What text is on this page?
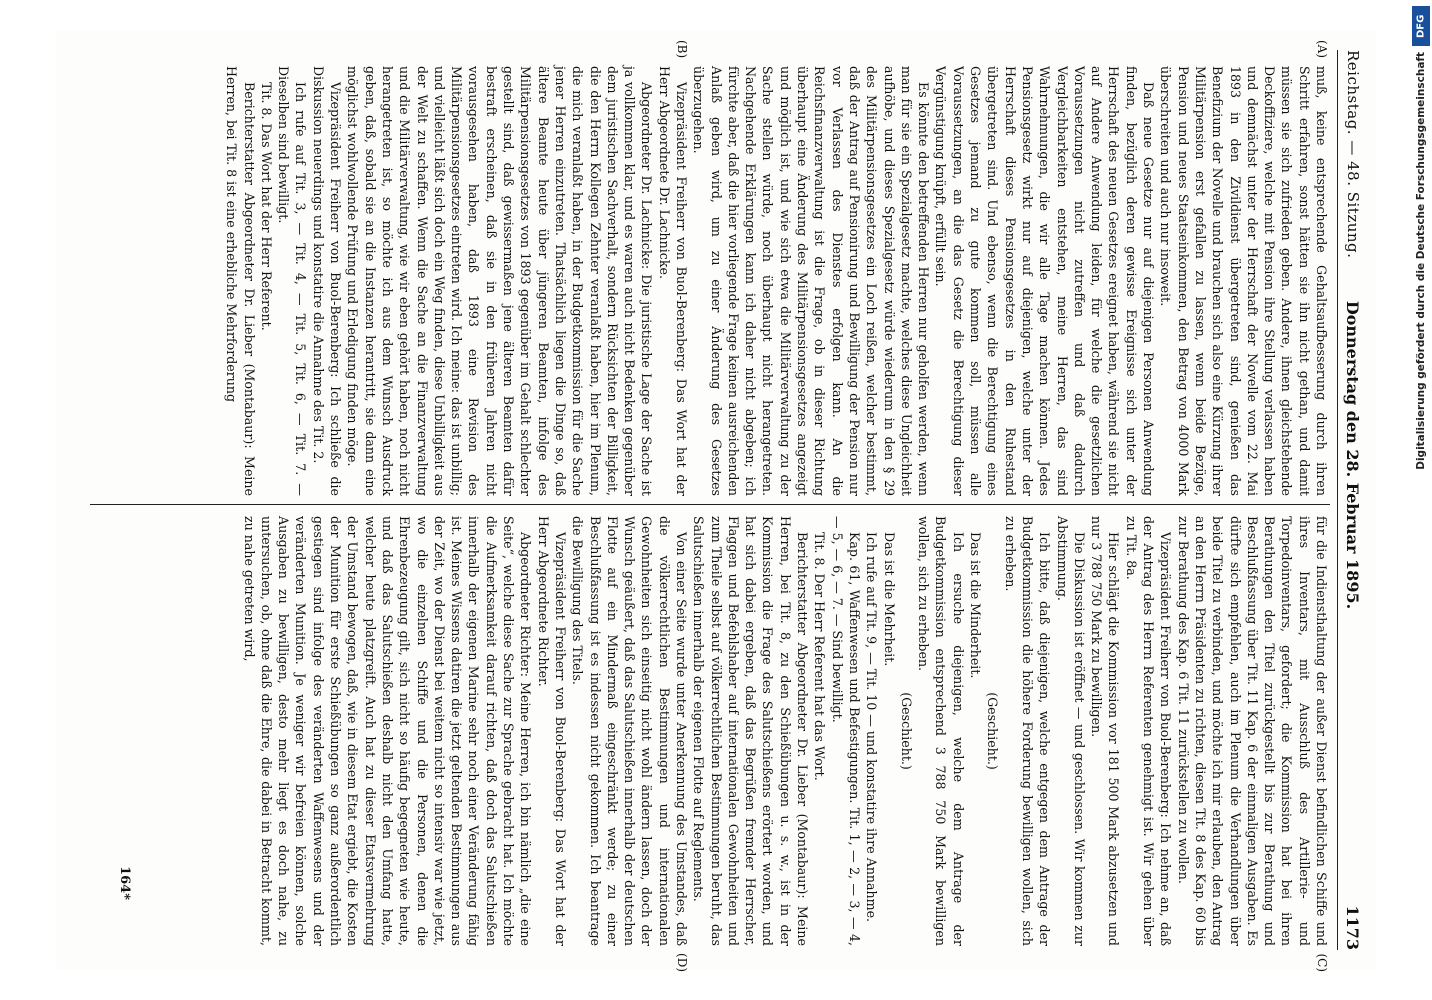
Reichstag. — 48. Sitzung.
Donnerstag den 28. Februar 1895.
1173
(A)
(B)

muß, keine entsprechende Gehaltsaufbesserung durch ihren Schritt erfahren, sonst hätten sie ihn nicht gethan, und damit müssen sie sich zufrieden geben. Andere, ihnen gleichstehende Deckoffiziere, welche mit Pension ihre Stellung verlassen haben und demnächst unter der Herrschaft der Novelle vom 22. Mai 1893 in den Zivildienst übergetreten sind, genießen das Benefizium der Novelle und brauchen sich also eine Kürzung ihrer Militärpension erst gefallen zu lassen, wenn beide Bezüge, Pension und neues Staatseinkommen, den Betrag von 4000 Mark überschreiten und auch nur insoweit.

Daß neue Gesetze nur auf diejenigen Personen Anwendung finden, bezüglich deren gewisse Ereignisse sich unter der Herrschaft des neuen Gesetzes ereignet haben, während sie nicht auf Andere Anwendung leiden, für welche die gesetzlichen Voraussetzungen nicht zutreffen und daß dadurch Vergleichbarkeiten entstehen, meine Herren, das sind Wahrnehmungen, die wir alle Tage machen können. Jedes Pensionsgesetz wirkt nur auf diejenigen, welche unter der Herrschaft dieses Pensionsgesetzes in den Ruhestand übergetreten sind. Und ebenso, wenn die Berechtigung eines Gesetzes jemand zu gute kommen soll, müssen alle Voraussetzungen, an die das Gesetz die Berechtigung dieser Vergünstigung knüpft, erfüllt sein.

Es könnte den betreffenden Herren nur geholfen werden, wenn man für sie ein Spezialgesetz machte, welches diese Ungleichheit aufhöbe, und dieses Spezialgesetz würde wiederum in den § 29 des Militärpensionsgesetzes ein Loch reißen, welcher bestimmt, daß der Antrag auf Pensionirung und Bewilligung der Pension nur vor Verlassen des Dienstes erfolgen kann. An die Reichsfinanzverwaltung ist die Frage, ob in dieser Richtung überhaupt eine Änderung des Militärpensionsgesetzes angezeigt und möglich ist, und wie sich etwa die Militärverwaltung zu der Sache stellen würde, noch überhaupt nicht herangetreten. Nachgehende Erklärungen kann ich daher nicht abgeben; ich fürchte aber, daß die hier vorliegende Frage keinen ausreichenden Anlaß geben wird, um zu einer Änderung des Gesetzes überzugehen.

Vizepräsident Freiherr von Buol-Berenberg: Das Wort hat der Herr Abgeordnete Dr. Lachnicke.

Abgeordneter Dr. Lachnicke: Die juristische Lage der Sache ist ja vollkommen klar, und es waren auch nicht Bedenken gegenüber dem juristischen Sachverhalt, sondern Rücksichten der Billigkeit, die den Herrn Kollegen Zehnter veranlaßt haben, hier im Plenum, die mich veranlaßt haben, in der Budgetkommission für die Sache jener Herren einzutreten. Thatsächlich liegen die Dinge so, daß ältere Beamte heute über jüngeren Beamten, infolge des Militärpensionsgesetzes von 1893 gegenüber im Gehalt schlechter gestellt sind, daß gewissermaßen jene älteren Beamten dafür bestraft erscheinen, daß sie in den früheren Jahren nicht vorausgesehen haben, daß 1893 eine Revision des Militärpensionsgesetzes eintreten wird. Ich meine: das ist unbillig; und vielleicht läßt sich doch ein Weg finden, diese Unbilligkeit aus der Welt zu schaffen. Wenn die Sache an die Finanzverwaltung und die Militärverwaltung, wie wir eben gehört haben, noch nicht herangetreten ist, so möchte ich aus dem Wunsch Ausdruck geben, daß, sobald sie an die Instanzen herantritt, sie dann eine möglichst wohlwollende Prüfung und Erledigung finden möge.

Vizepräsident Freiherr von Buol-Berenberg: Ich schließe die Diskussion neuerdings und konstatire die Annahme des Tit. 2.

Ich rufe auf Tit. 3, — Tit. 4, — Tit. 5, Tit. 6, — Tit. 7. — Dieselben sind bewilligt.

Tit. 8. Das Wort hat der Herr Referent.

Berichterstatter Abgeordneter Dr. Lieber (Montabaur): Meine Herren, bei Tit. 8 ist eine erhebliche Mehrforderung

(C)
(D)

für die Indiensthaltung der außer Dienst befindlichen Schiffe und ihres Inventars, mit Ausschluß des Artillerie- und Torpedoinventars, gefordert; die Kommission hat bei ihren Berathungen den Titel zurückgestellt bis zur Berathung und Beschlußfassung über Tit. 11 Kap. 6 der einmaligen Ausgaben. Es dürfte sich empfehlen, auch im Plenum die Verhandlungen über beide Titel zu verbinden, und möchte ich mir erlauben, den Antrag an den Herrn Präsidenten zu richten, diesen Tit. 8 des Kap. 60 bis zur Berathung des Kap. 6 Tit. 11 zurückstellen zu wollen.

Vizepräsident Freiherr von Buol-Berenberg: Ich nehme an, daß der Antrag des Herrn Referenten genehmigt ist. Wir gehen über zu Tit. 8a.

Hier schlägt die Kommission vor 181 500 Mark abzusetzen und nur 3 788 750 Mark zu bewilligen.

Die Diskussion ist eröffnet — und geschlossen. Wir kommen zur Abstimmung.

Ich bitte, daß diejenigen, welche entgegen dem Antrage der Budgetkommission die höhere Forderung bewilligen wollen, sich zu erheben.

(Geschieht.)

Das ist die Minderheit.

Ich ersuche diejenigen, welche dem Antrage der Budgetkommission entsprechend 3 788 750 Mark bewilligen wollen, sich zu erheben.

(Geschieht.)

Das ist die Mehrheit.

Ich rufe auf Tit. 9, — Tit. 10 — und konstatire ihre Annahme.

Kap. 61, Waffenwesen und Befestigungen. Tit. 1, — 2, — 3, — 4, — 5, — 6, — 7. — Sind bewilligt.

Tit. 8. Der Herr Referent hat das Wort.

Berichterstatter Abgeordneter Dr. Lieber (Montabaur): Meine Herren, bei Tit. 8, zu den Schießübungen u. s. w., ist in der Kommission die Frage des Salutschießens erörtert worden, und hat sich dabei ergeben, daß das Begrüßen fremder Herrscher, Flaggen und Befehlshaber auf internationalen Gewohnheiten und zum Theile selbst auf völkerrechtlichen Bestimmungen beruht, das Salutschießen innerhalb der eigenen Flotte auf Reglements.

Von einer Seite wurde unter Anerkennung des Umstandes, daß die völkerrechtlichen Bestimmungen und internationalen Gewohnheiten sich einseitig nicht wohl ändern lassen, doch der Wunsch geäußert, daß das Salutschießen innerhalb der deutschen Flotte auf ein Mindermaß eingeschränkt werde; zu einer Beschlußfassung ist es indessen nicht gekommen. Ich beantrage die Bewilligung des Titels.

Vizepräsident Freiherr von Buol-Berenberg: Das Wort hat der Herr Abgeordnete Richter.

Abgeordneter Richter: Meine Herren, ich bin nämlich „die eine Seite“, welche diese Sache zur Sprache gebracht hat. Ich möchte die Aufmerksamkeit darauf richten, daß doch das Salutschießen innerhalb der eigenen Marine sehr noch einer Veränderung fähig ist. Meines Wissens datiren die jetzt geltenden Bestimmungen aus der Zeit, wo der Dienst bei weitem nicht so intensiv war wie jetzt, wo die einzelnen Schiffe und die Personen, denen die Ehrenbezeugung gilt, sich nicht so häufig begegneten wie heute, und daß das Salutschießen deshalb nicht den Umfang hatte, welcher heute platzgreift. Auch hat zu dieser Etatsvermehrung der Umstand bewogen, daß, wie in diesem Etat ergiebt, die Kosten der Munition für erste Schießübungen so ganz außerordentlich gestiegen sind infolge des veränderten Waffenwesens und der veränderten Munition. Je weniger wir befreien können, solche Ausgaben zu bewilligen, desto mehr liegt es doch nahe, zu untersuchen, ob, ohne daß die Ehre, die dabei in Betracht kommt, zu nahe getreten wird,

164*
DFG
Digitalisierung gefördert durch die Deutsche Forschungsgemeinschaft
